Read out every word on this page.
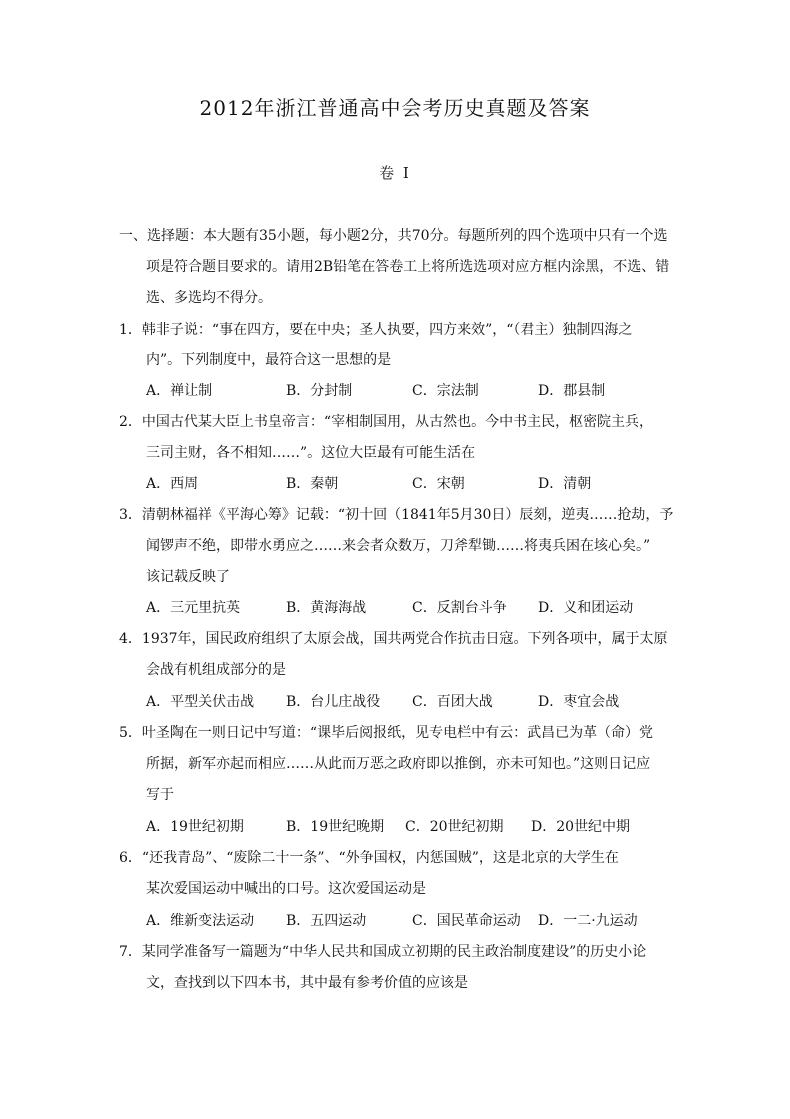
2012年浙江普通高中会考历史真题及答案
卷 I
一、选择题：本大题有35小题，每小题2分，共70分。每题所列的四个选项中只有一个选
项是符合题目要求的。请用2B铅笔在答卷工上将所选选项对应方框内涂黑，不选、错
选、多选均不得分。
1．韩非子说：“事在四方，要在中央；圣人执要，四方来效”，“（君主）独制四海之
内”。下列制度中，最符合这一思想的是
A．禅让制	B．分封制	C．宗法制	D．郡县制
2．中国古代某大臣上书皇帝言：“宰相制国用，从古然也。今中书主民，枢密院主兵，
三司主财，各不相知……”。这位大臣最有可能生活在
A．西周	B．秦朝	C．宋朝	D．清朝
3．清朝林福祥《平海心筹》记载：“初十回（1841年5月30日）辰刻，逆夷……抢劫，予
闻锣声不绝，即带水勇应之……来会者众数万，刀斧犁锄……将夷兵困在垓心矣。”
该记载反映了
A．三元里抗英	B．黄海海战	C．反割台斗争 D．义和团运动
4．1937年，国民政府组织了太原会战，国共两党合作抗击日寇。下列各项中，属于太原
会战有机组成部分的是
A．平型关伏击战 B．台儿庄战役 C．百团大战	D．枣宜会战
5．叶圣陶在一则日记中写道：“课毕后阅报纸，见专电栏中有云：武昌已为革（命）党
所据，新军亦起而相应……从此而万恶之政府即以推倒，亦未可知也。”这则日记应
写于
A．19世纪初期	B．19世纪晚期 C．20世纪初期 D．20世纪中期
6．“还我青岛”、“废除二十一条”、“外争国权，内惩国贼”，这是北京的大学生在
某次爱国运动中喊出的口号。这次爱国运动是
A．维新变法运动 B．五四运动	C．国民革命运动 D．一二·九运动
7．某同学准备写一篇题为“中华人民共和国成立初期的民主政治制度建设”的历史小论
文，查找到以下四本书，其中最有参考价值的应该是
